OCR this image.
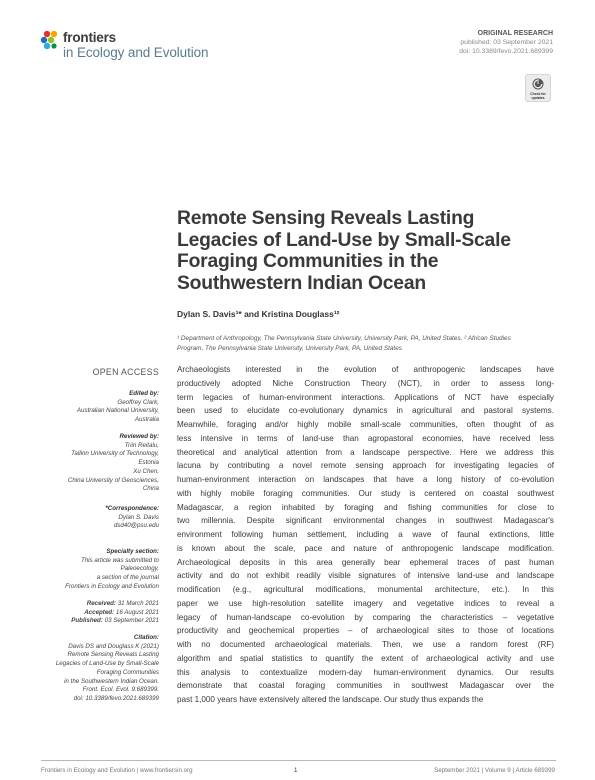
frontiers
in Ecology and Evolution
ORIGINAL RESEARCH
published: 03 September 2021
doi: 10.3389/fevo.2021.689399
Check for
updates
Remote Sensing Reveals Lasting
Legacies of Land-Use by Small-Scale
Foraging Communities in the
Southwestern Indian Ocean
Dylan S. Davis¹* and Kristina Douglass¹²
¹ Department of Anthropology, The Pennsylvania State University, University Park, PA, United States, ² African Studies
Program, The Pennsylvania State University, University Park, PA, United States
OPEN ACCESS
Edited by:
Geoffrey Clark,
Australian National University,
Australia
Reviewed by:
Triin Reitalu,
Tallinn University of Technology,
Estonia
Xu Chen,
China University of Geosciences,
China
*Correspondence:
Dylan S. Davis
dsd40@psu.edu
Specialty section:
This article was submitted to
Paleoecology,
a section of the journal
Frontiers in Ecology and Evolution
Received: 31 March 2021
Accepted: 16 August 2021
Published: 03 September 2021
Citation:
Davis DS and Douglass K (2021)
Remote Sensing Reveals Lasting
Legacies of Land-Use by Small-Scale
Foraging Communities
in the Southwestern Indian Ocean.
Front. Ecol. Evol. 9:689399.
doi: 10.3389/fevo.2021.689399
Archaeologists interested in the evolution of anthropogenic landscapes have
productively adopted Niche Construction Theory (NCT), in order to assess long-
term legacies of human-environment interactions. Applications of NCT have especially
been used to elucidate co-evolutionary dynamics in agricultural and pastoral systems.
Meanwhile, foraging and/or highly mobile small-scale communities, often thought of as
less intensive in terms of land-use than agropastoral economies, have received less
theoretical and analytical attention from a landscape perspective. Here we address this
lacuna by contributing a novel remote sensing approach for investigating legacies of
human-environment interaction on landscapes that have a long history of co-evolution
with highly mobile foraging communities. Our study is centered on coastal southwest
Madagascar, a region inhabited by foraging and fishing communities for close to
two millennia. Despite significant environmental changes in southwest Madagascar's
environment following human settlement, including a wave of faunal extinctions, little
is known about the scale, pace and nature of anthropogenic landscape modification.
Archaeological deposits in this area generally bear ephemeral traces of past human
activity and do not exhibit readily visible signatures of intensive land-use and landscape
modification (e.g., agricultural modifications, monumental architecture, etc.). In this
paper we use high-resolution satellite imagery and vegetative indices to reveal a
legacy of human-landscape co-evolution by comparing the characteristics – vegetative
productivity and geochemical properties – of archaeological sites to those of locations
with no documented archaeological materials. Then, we use a random forest (RF)
algorithm and spatial statistics to quantify the extent of archaeological activity and use
this analysis to contextualize modern-day human-environment dynamics. Our results
demonstrate that coastal foraging communities in southwest Madagascar over the
past 1,000 years have extensively altered the landscape. Our study thus expands the
Frontiers in Ecology and Evolution | www.frontiersin.org	1	September 2021 | Volume 9 | Article 689399
